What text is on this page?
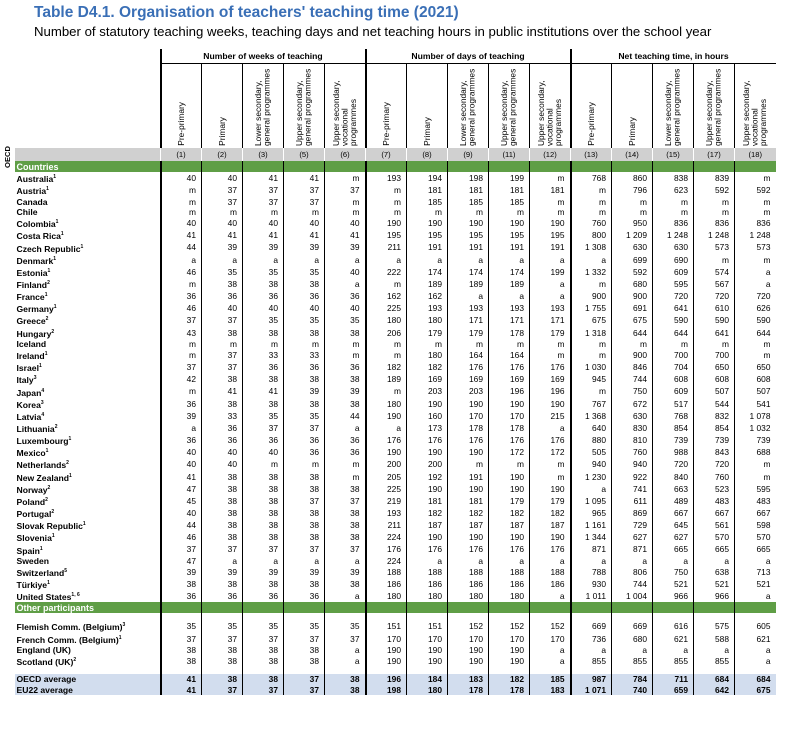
Table D4.1. Organisation of teachers' teaching time (2021)
Number of statutory teaching weeks, teaching days and net teaching hours in public institutions over the school year
OECD
	Number of weeks of teaching					Number of days of teaching					Net teaching time, in hours				
	Pre-primary	Primary	Lower secondary, general programmes	Upper secondary, general programmes	Upper secondary, vocational programmes	Pre-primary	Primary	Lower secondary, general programmes	Upper secondary, general programmes	Upper secondary, vocational programmes	Pre-primary	Primary	Lower secondary, general programmes	Upper secondary, general programmes	Upper secondary, vocational programmes
	(1)	(2)	(3)	(5)	(6)	(7)	(8)	(9)	(11)	(12)	(13)	(14)	(15)	(17)	(18)
Countries															
Australia$^1$	40	40	41	41	m	193	194	198	199	m	768	860	838	839	m
Austria$^1$	m	37	37	37	37	m	181	181	181	181	m	796	623	592	592
Canada	m	37	37	37	m	m	185	185	185	m	m	m	m	m	m
Chile	m	m	m	m	m	m	m	m	m	m	m	m	m	m	m
Colombia$^1$	40	40	40	40	40	190	190	190	190	190	760	950	836	836	836
Costa Rica$^1$	41	41	41	41	41	195	195	195	195	195	800	1 209	1 248	1 248	1 248
Czech Republic$^1$	44	39	39	39	39	211	191	191	191	191	1 308	630	630	573	573
Denmark$^1$	a	a	a	a	a	a	a	a	a	a	a	699	690	m	m
Estonia$^1$	46	35	35	35	40	222	174	174	174	199	1 332	592	609	574	a
Finland$^2$	m	38	38	38	a	m	189	189	189	a	m	680	595	567	a
France$^1$	36	36	36	36	36	162	162	a	a	a	900	900	720	720	720
Germany$^1$	46	40	40	40	40	225	193	193	193	193	1 755	691	641	610	626
Greece$^2$	37	37	35	35	35	180	180	171	171	171	675	675	590	590	590
Hungary$^2$	43	38	38	38	38	206	179	179	178	179	1 318	644	644	641	644
Iceland	m	m	m	m	m	m	m	m	m	m	m	m	m	m	m
Ireland$^1$	m	37	33	33	m	m	180	164	164	m	m	900	700	700	m
Israel$^1$	37	37	36	36	36	182	182	176	176	176	1 030	846	704	650	650
Italy$^3$	42	38	38	38	38	189	169	169	169	169	945	744	608	608	608
Japan$^4$	m	41	41	39	39	m	203	203	196	196	m	750	609	507	507
Korea$^3$	36	38	38	38	38	180	190	190	190	190	767	672	517	544	541
Latvia$^4$	39	33	35	35	44	190	160	170	170	215	1 368	630	768	832	1 078
Lithuania$^2$	a	36	37	37	a	a	173	178	178	a	640	830	854	854	1 032
Luxembourg$^1$	36	36	36	36	36	176	176	176	176	176	880	810	739	739	739
Mexico$^1$	40	40	40	36	36	190	190	190	172	172	505	760	988	843	688
Netherlands$^2$	40	40	m	m	m	200	200	m	m	m	940	940	720	720	m
New Zealand$^1$	41	38	38	38	m	205	192	191	190	m	1 230	922	840	760	m
Norway$^2$	47	38	38	38	38	225	190	190	190	190	a	741	663	523	595
Poland$^2$	45	38	38	37	37	219	181	181	179	179	1 095	611	489	483	483
Portugal$^2$	40	38	38	38	38	193	182	182	182	182	965	869	667	667	667
Slovak Republic$^1$	44	38	38	38	38	211	187	187	187	187	1 161	729	645	561	598
Slovenia$^1$	46	38	38	38	38	224	190	190	190	190	1 344	627	627	570	570
Spain$^1$	37	37	37	37	37	176	176	176	176	176	871	871	665	665	665
Sweden	47	a	a	a	a	224	a	a	a	a	a	a	a	a	a
Switzerland$^5$	39	39	39	39	39	188	188	188	188	188	788	806	750	638	713
Türkiye$^1$	38	38	38	38	38	186	186	186	186	186	930	744	521	521	521
United States$^{1, 6}$	36	36	36	36	a	180	180	180	180	a	1 011	1 004	966	966	a
Other participants															

Flemish Comm. (Belgium)$^3$	35	35	35	35	35	151	151	152	152	152	669	669	616	575	605
French Comm. (Belgium)$^1$	37	37	37	37	37	170	170	170	170	170	736	680	621	588	621
England (UK)	38	38	38	38	a	190	190	190	190	a	a	a	a	a	a
Scotland (UK)$^2$	38	38	38	38	a	190	190	190	190	a	855	855	855	855	a

OECD average	41	38	38	37	38	196	184	183	182	185	987	784	711	684	684
EU22 average	41	37	37	37	38	198	180	178	178	183	1 071	740	659	642	675
